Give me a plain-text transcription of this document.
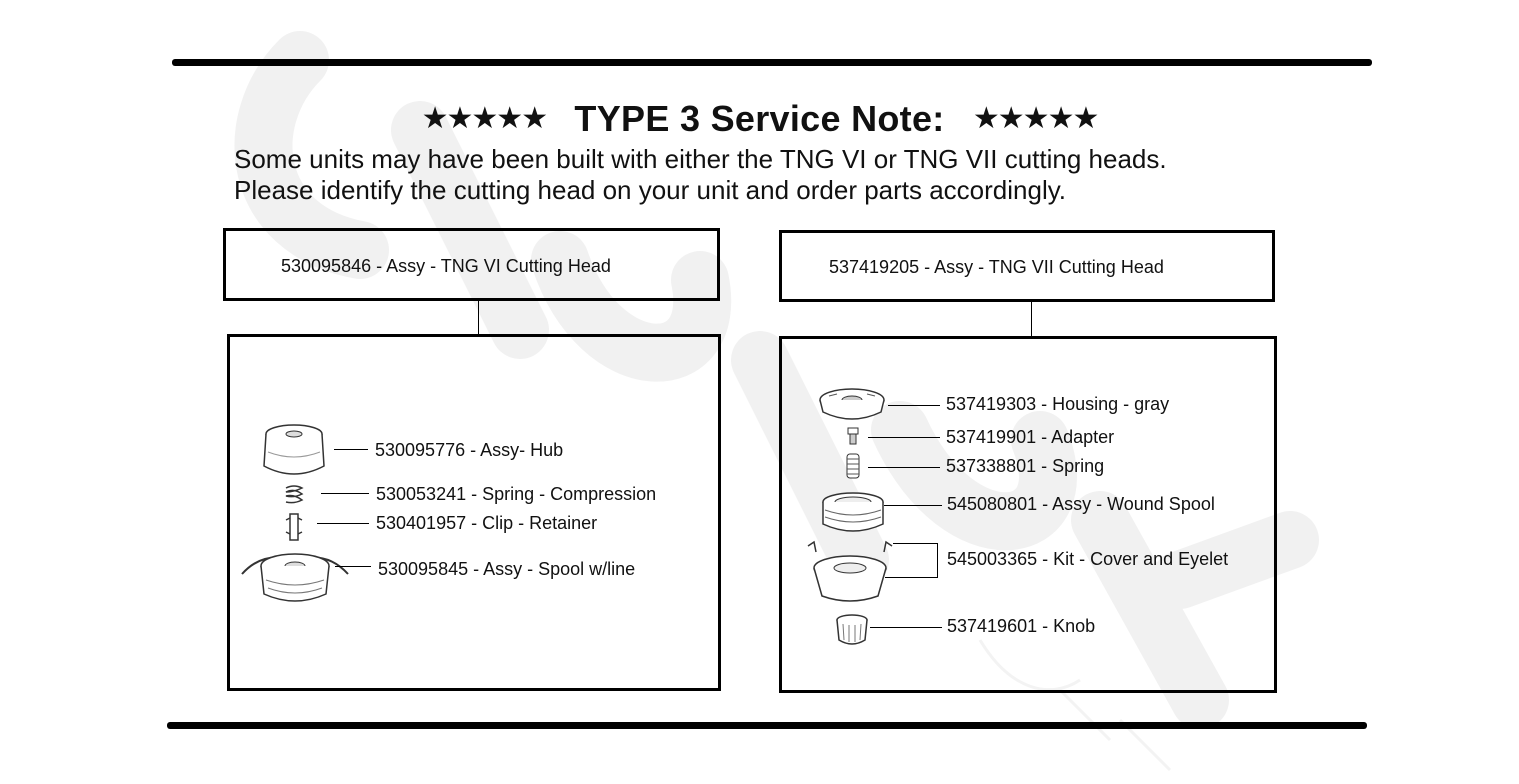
★★★★★ TYPE 3 Service Note: ★★★★★
Some units may have been built with either the TNG VI or TNG VII cutting heads.
Please identify the cutting head on your unit and order parts accordingly.
530095846 - Assy - TNG VI Cutting Head
530095776 - Assy- Hub
530053241 - Spring - Compression
530401957 - Clip - Retainer
530095845 - Assy - Spool w/line
537419205 - Assy - TNG VII Cutting Head
537419303 - Housing - gray
537419901 - Adapter
537338801 - Spring
545080801 - Assy - Wound Spool
545003365 - Kit - Cover and Eyelet
537419601 - Knob
